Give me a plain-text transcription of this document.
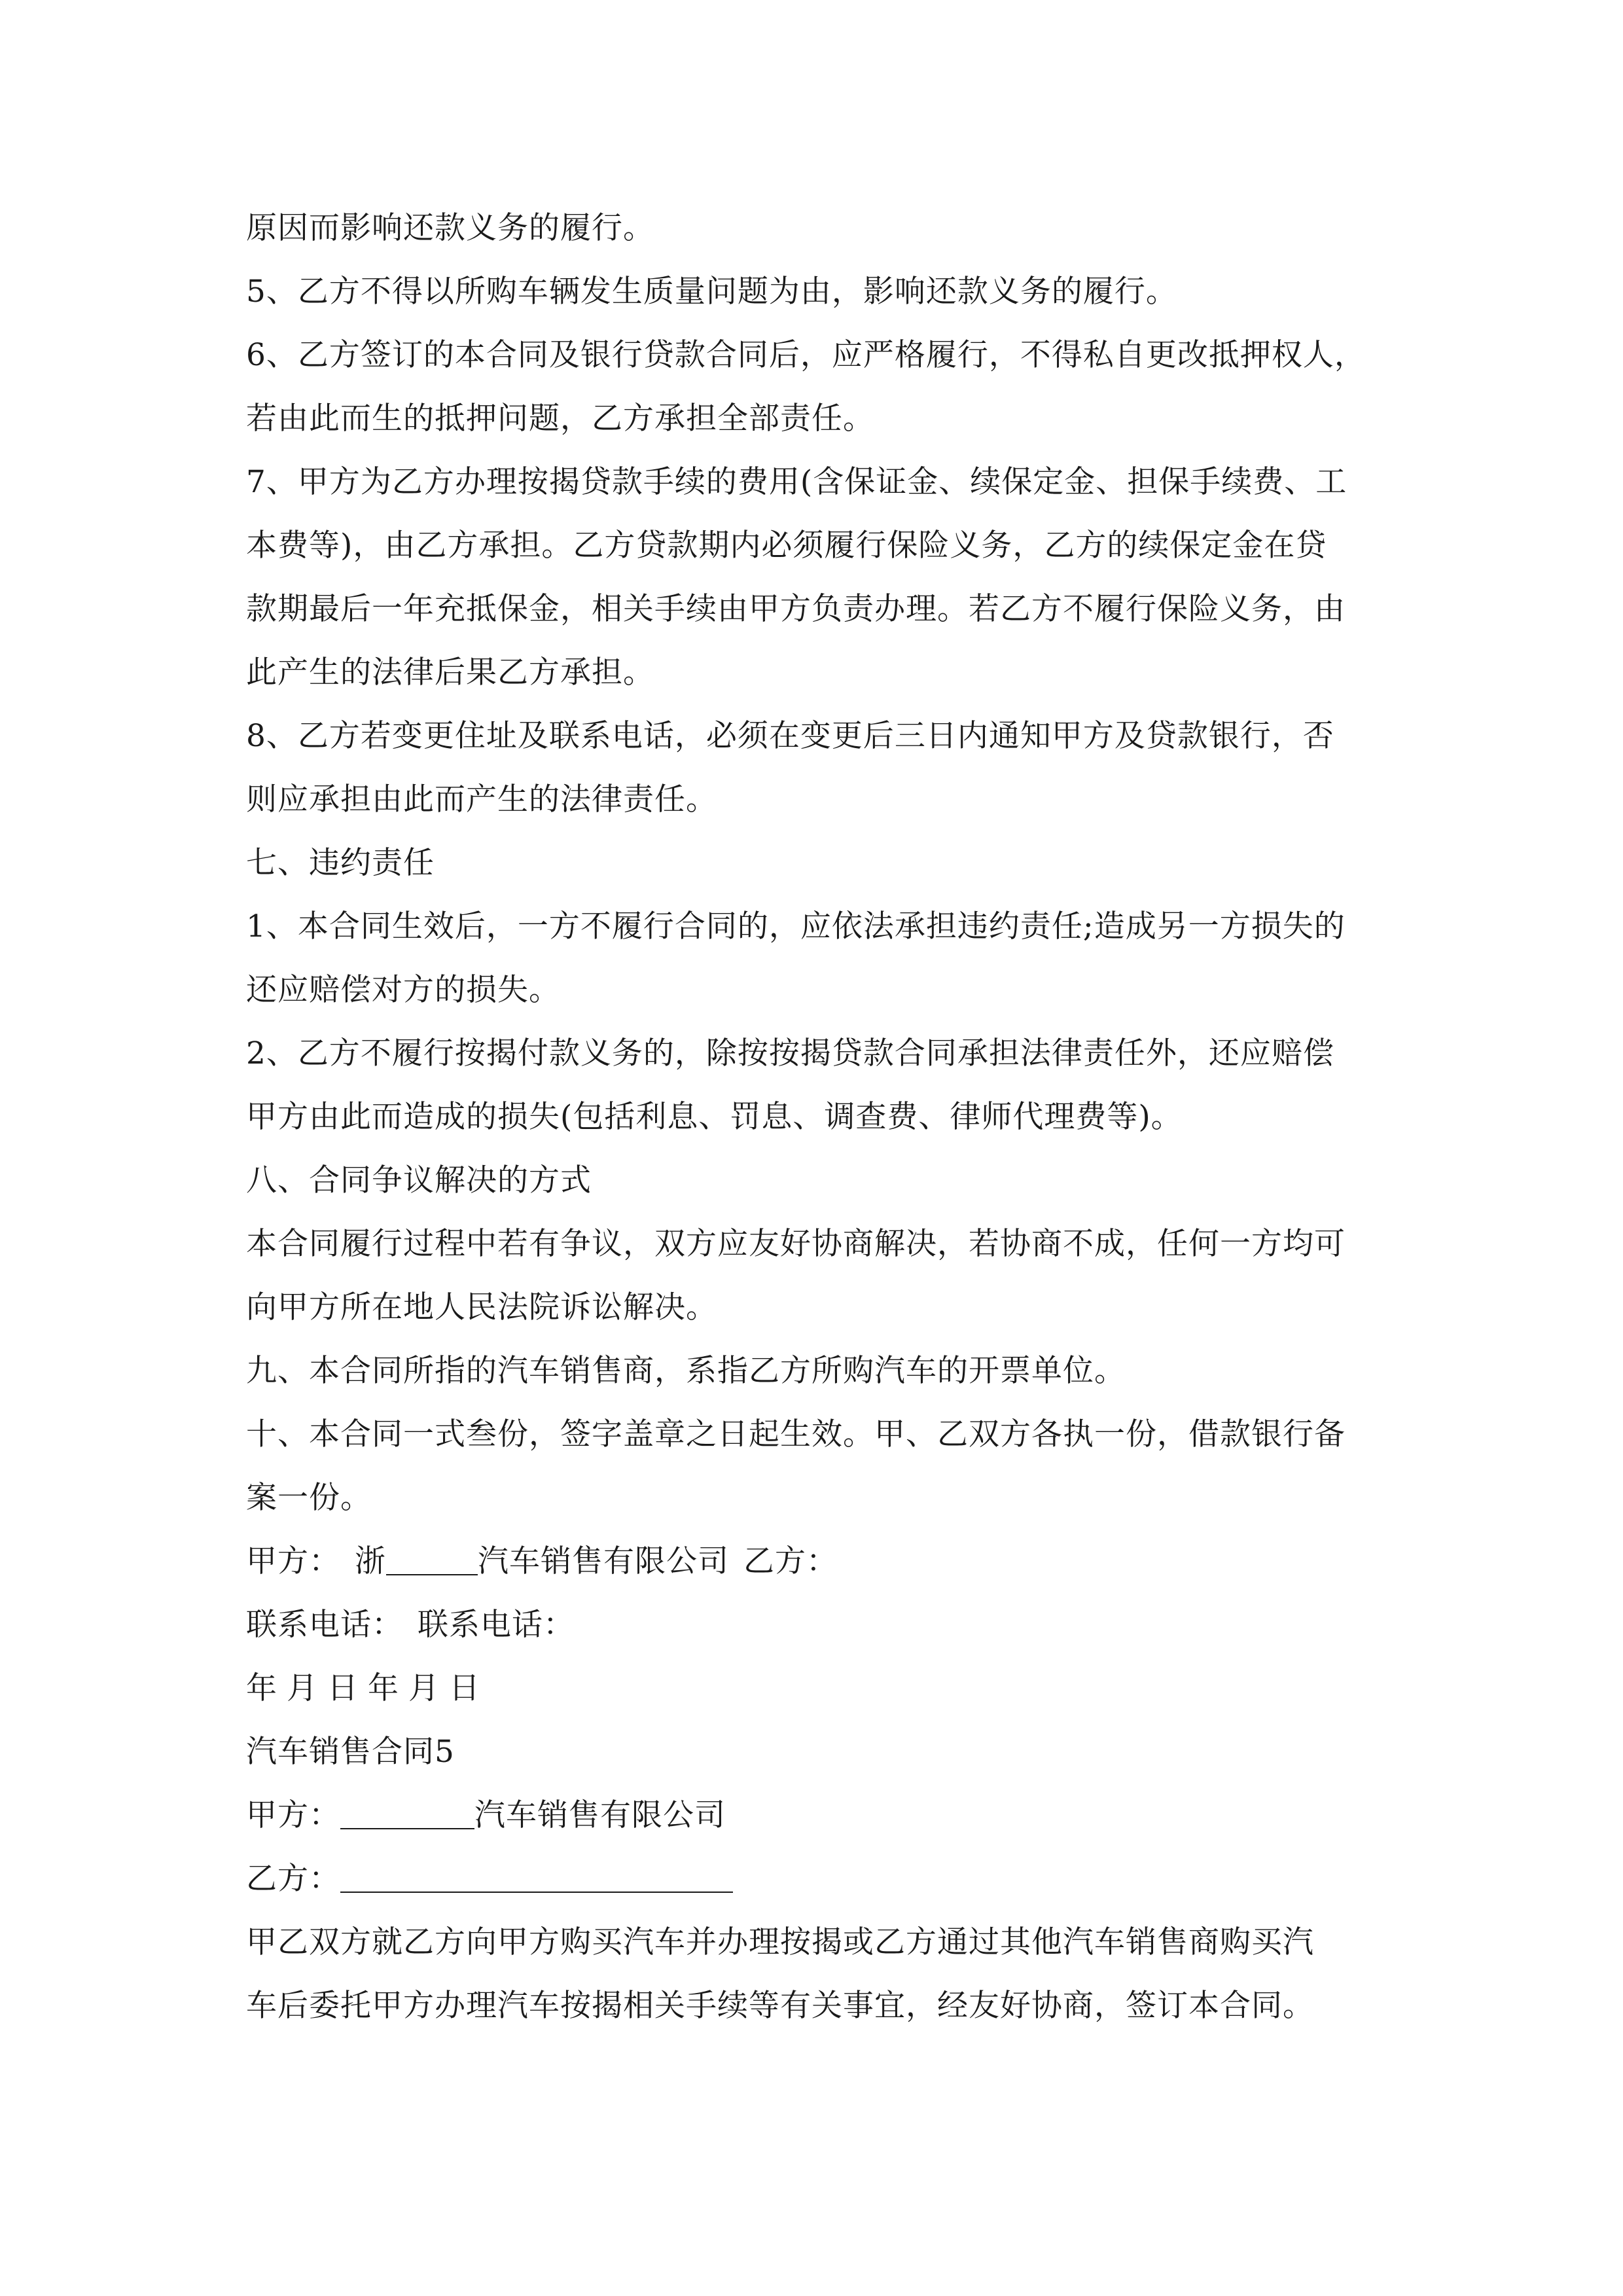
原因而影响还款义务的履行。
5、乙方不得以所购车辆发生质量问题为由，影响还款义务的履行。
6、乙方签订的本合同及银行贷款合同后，应严格履行，不得私自更改抵押权人，
若由此而生的抵押问题，乙方承担全部责任。
7、甲方为乙方办理按揭贷款手续的费用(含保证金、续保定金、担保手续费、工
本费等)，由乙方承担。乙方贷款期内必须履行保险义务，乙方的续保定金在贷
款期最后一年充抵保金，相关手续由甲方负责办理。若乙方不履行保险义务，由
此产生的法律后果乙方承担。
8、乙方若变更住址及联系电话，必须在变更后三日内通知甲方及贷款银行，否
则应承担由此而产生的法律责任。
七、违约责任
1、本合同生效后，一方不履行合同的，应依法承担违约责任;造成另一方损失的
还应赔偿对方的损失。
2、乙方不履行按揭付款义务的，除按按揭贷款合同承担法律责任外，还应赔偿
甲方由此而造成的损失(包括利息、罚息、调查费、律师代理费等)。
八、合同争议解决的方式
本合同履行过程中若有争议，双方应友好协商解决，若协商不成，任何一方均可
向甲方所在地人民法院诉讼解决。
九、本合同所指的汽车销售商，系指乙方所购汽车的开票单位。
十、本合同一式叁份，签字盖章之日起生效。甲、乙双方各执一份，借款银行备
案一份。
甲方： 浙	汽车销售有限公司 乙方：
联系电话： 联系电话：
年 月 日 年 月 日
汽车销售合同5
甲方：	汽车销售有限公司
乙方：
甲乙双方就乙方向甲方购买汽车并办理按揭或乙方通过其他汽车销售商购买汽
车后委托甲方办理汽车按揭相关手续等有关事宜，经友好协商，签订本合同。
